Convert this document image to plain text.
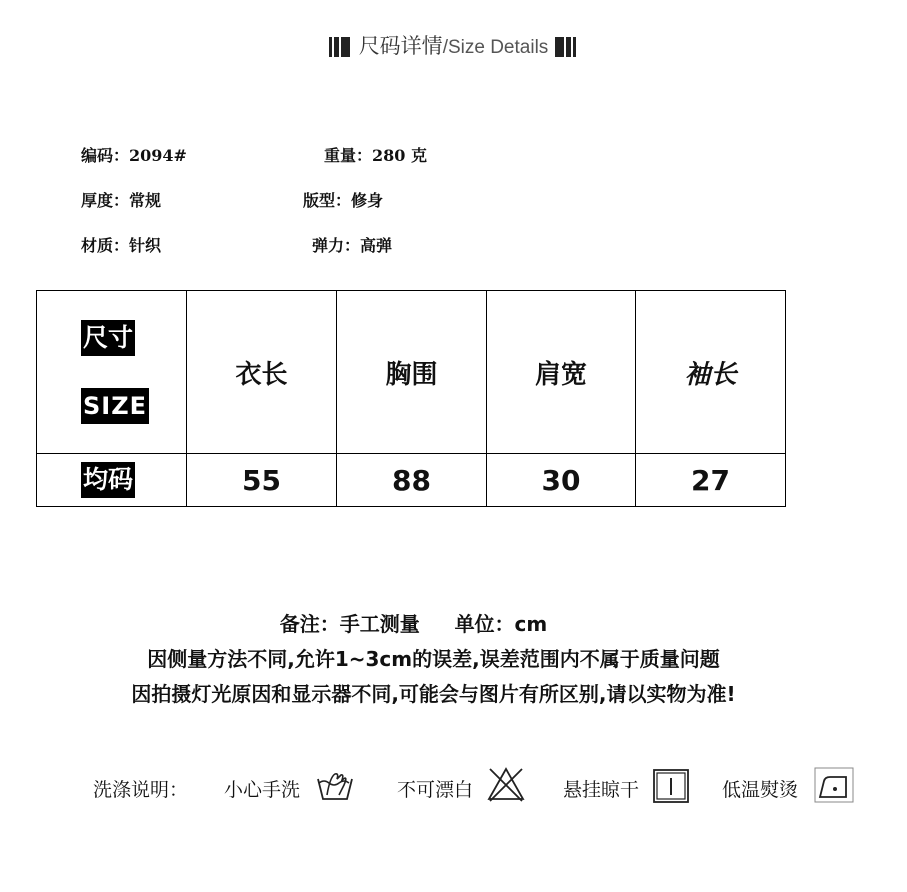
尺码详情/Size Details
编码：2094#	重量：280 克
厚度：常规	版型：修身
材质：针织	弹力：高弹
尺寸
SIZE	衣长	胸围	肩宽	袖长
均码	55	88	30	27
备注：手工测量 单位：cm
因侧量方法不同,允许1~3cm的误差,误差范围内不属于质量问题
因拍摄灯光原因和显示器不同,可能会与图片有所区别,请以实物为准!
洗涤说明： 小心手洗	不可漂白	悬挂晾干	低温熨烫
